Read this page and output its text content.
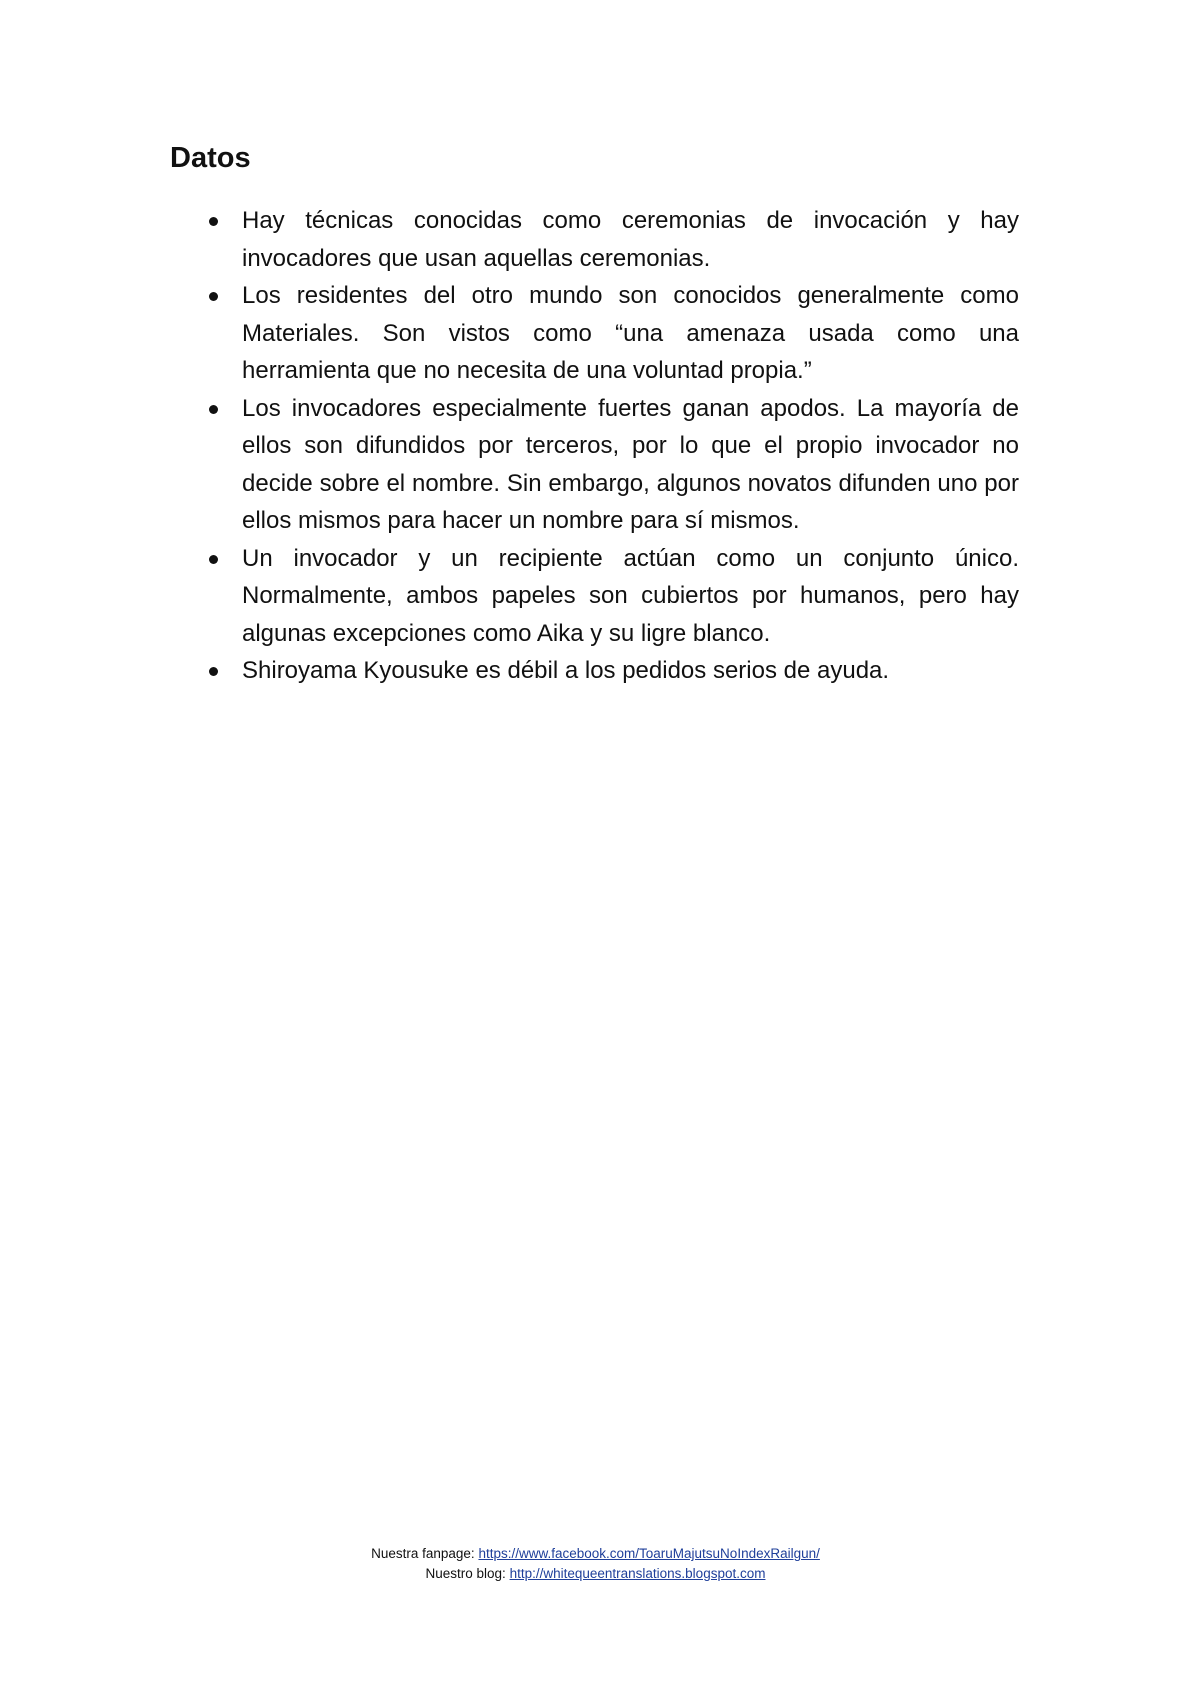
Datos
Hay técnicas conocidas como ceremonias de invocación y hay invocadores que usan aquellas ceremonias.
Los residentes del otro mundo son conocidos generalmente como Materiales. Son vistos como “una amenaza usada como una herramienta que no necesita de una voluntad propia.”
Los invocadores especialmente fuertes ganan apodos. La mayoría de ellos son difundidos por terceros, por lo que el propio invocador no decide sobre el nombre. Sin embargo, algunos novatos difunden uno por ellos mismos para hacer un nombre para sí mismos.
Un invocador y un recipiente actúan como un conjunto único. Normalmente, ambos papeles son cubiertos por humanos, pero hay algunas excepciones como Aika y su ligre blanco.
Shiroyama Kyousuke es débil a los pedidos serios de ayuda.
Nuestra fanpage: https://www.facebook.com/ToaruMajutsuNoIndexRailgun/
Nuestro blog: http://whitequeentranslations.blogspot.com
